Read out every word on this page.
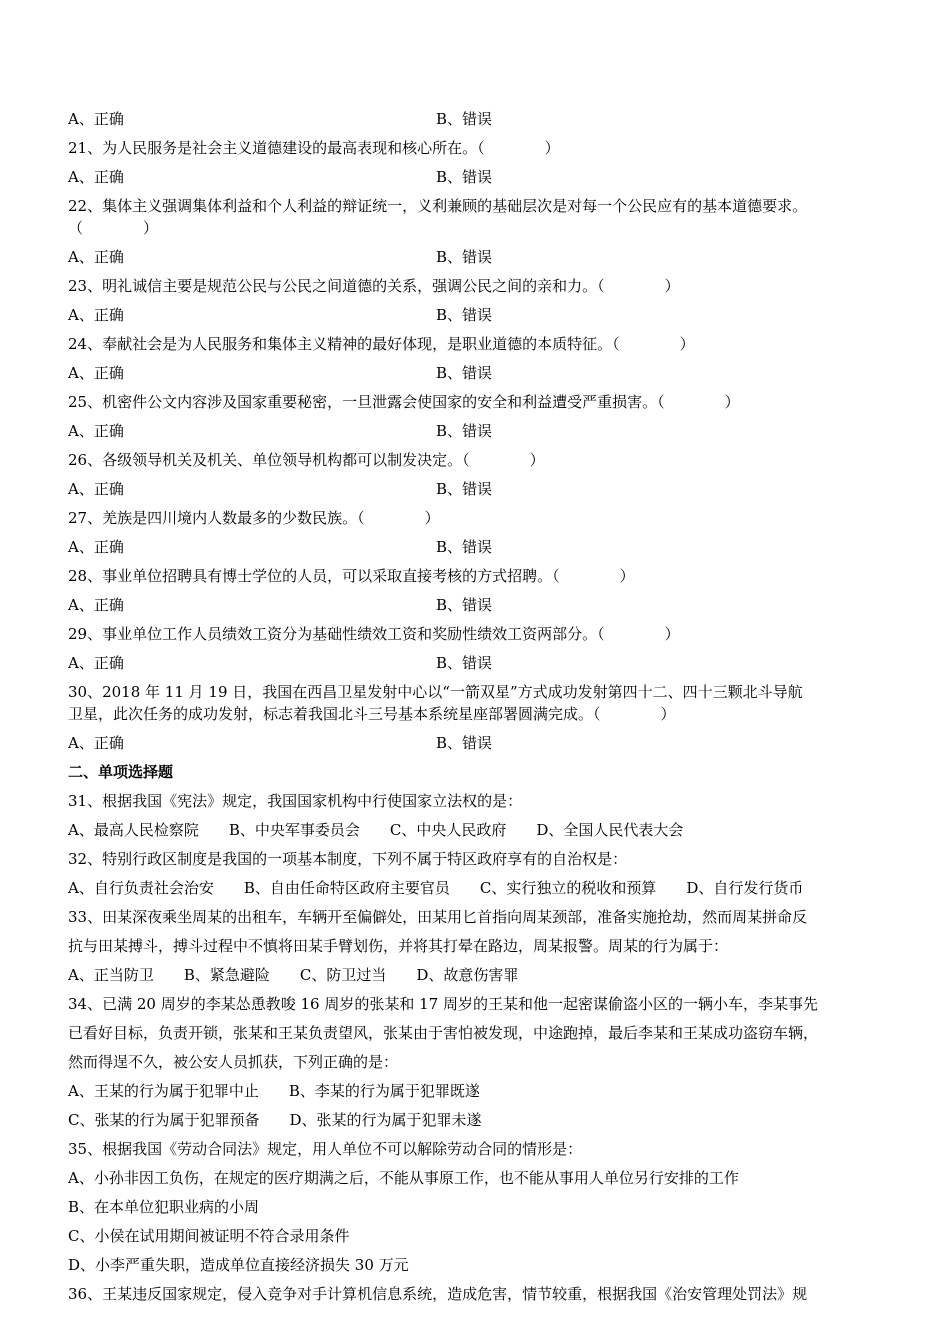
A、正确	B、错误

21、为人民服务是社会主义道德建设的最高表现和核心所在。（　　　　）

A、正确	B、错误

22、集体主义强调集体利益和个人利益的辩证统一，义利兼顾的基础层次是对每一个公民应有的基本道德要求。

（　　　　）

A、正确	B、错误

23、明礼诚信主要是规范公民与公民之间道德的关系，强调公民之间的亲和力。（　　　　）

A、正确	B、错误

24、奉献社会是为人民服务和集体主义精神的最好体现，是职业道德的本质特征。（　　　　）

A、正确	B、错误

25、机密件公文内容涉及国家重要秘密，一旦泄露会使国家的安全和利益遭受严重损害。（　　　　）

A、正确	B、错误

26、各级领导机关及机关、单位领导机构都可以制发决定。（　　　　）

A、正确	B、错误

27、羌族是四川境内人数最多的少数民族。（　　　　）

A、正确	B、错误

28、事业单位招聘具有博士学位的人员，可以采取直接考核的方式招聘。（　　　　）

A、正确	B、错误

29、事业单位工作人员绩效工资分为基础性绩效工资和奖励性绩效工资两部分。（　　　　）

A、正确	B、错误

30、2018 年 11 月 19 日，我国在西昌卫星发射中心以“一箭双星”方式成功发射第四十二、四十三颗北斗导航

卫星，此次任务的成功发射，标志着我国北斗三号基本系统星座部署圆满完成。（　　　　）

A、正确	B、错误

二、单项选择题

31、根据我国《宪法》规定，我国国家机构中行使国家立法权的是：

A、最高人民检察院 B、中央军事委员会 C、中央人民政府 D、全国人民代表大会

32、特别行政区制度是我国的一项基本制度，下列不属于特区政府享有的自治权是：

A、自行负责社会治安 B、自由任命特区政府主要官员 C、实行独立的税收和预算 D、自行发行货币

33、田某深夜乘坐周某的出租车，车辆开至偏僻处，田某用匕首指向周某颈部，准备实施抢劫，然而周某拼命反

抗与田某搏斗，搏斗过程中不慎将田某手臂划伤，并将其打晕在路边，周某报警。周某的行为属于：

A、正当防卫 B、紧急避险 C、防卫过当 D、故意伤害罪

34、已满 20 周岁的李某怂恿教唆 16 周岁的张某和 17 周岁的王某和他一起密谋偷盗小区的一辆小车，李某事先

已看好目标，负责开锁，张某和王某负责望风，张某由于害怕被发现，中途跑掉，最后李某和王某成功盗窃车辆，

然而得逞不久，被公安人员抓获，下列正确的是：

A、王某的行为属于犯罪中止 B、李某的行为属于犯罪既遂
C、张某的行为属于犯罪预备 D、张某的行为属于犯罪未遂

35、根据我国《劳动合同法》规定，用人单位不可以解除劳动合同的情形是：

A、小孙非因工负伤，在规定的医疗期满之后，不能从事原工作，也不能从事用人单位另行安排的工作

B、在本单位犯职业病的小周

C、小侯在试用期间被证明不符合录用条件

D、小李严重失职，造成单位直接经济损失 30 万元

36、王某违反国家规定，侵入竞争对手计算机信息系统，造成危害，情节较重，根据我国《治安管理处罚法》规
